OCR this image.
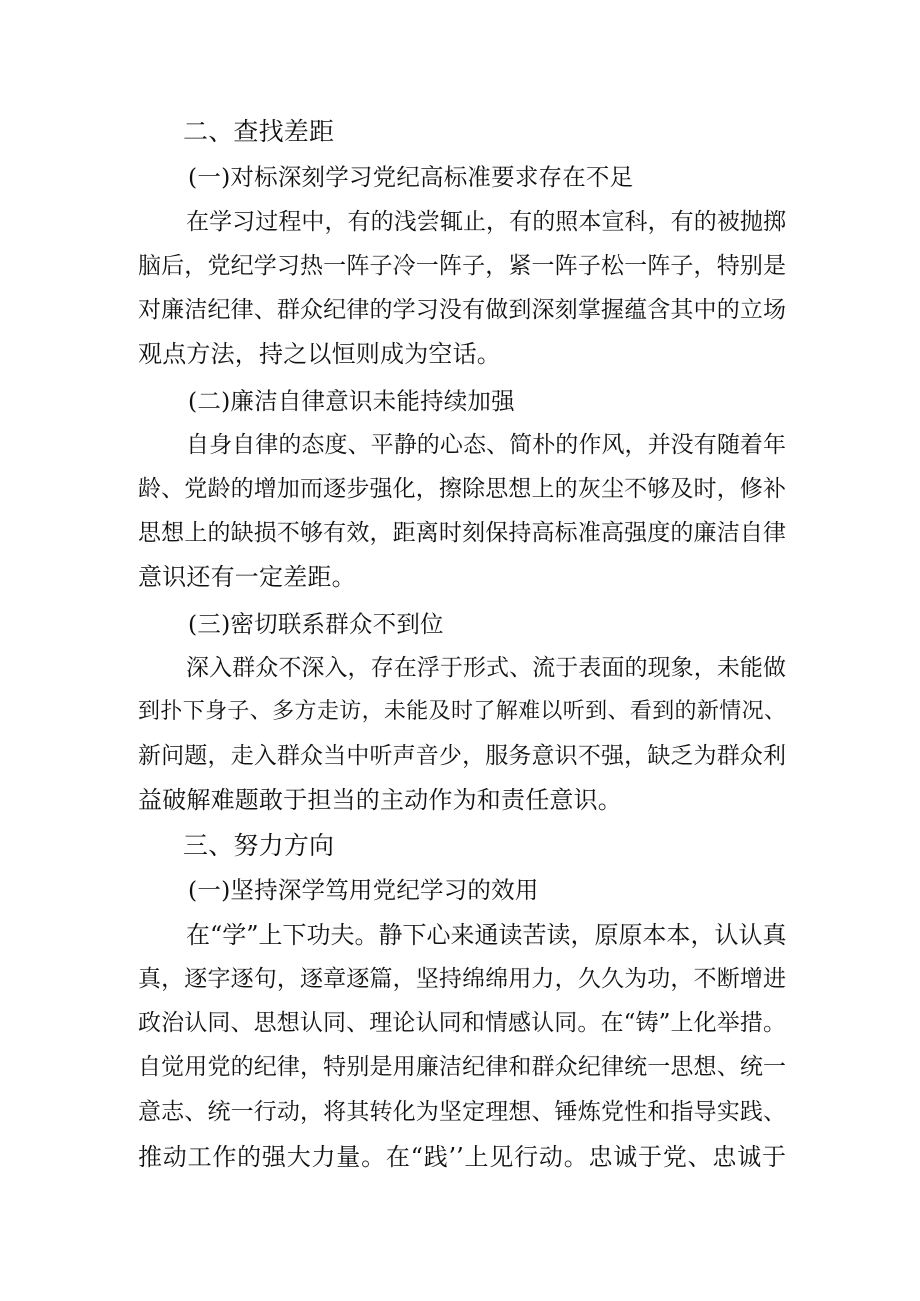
二、查找差距
(一)对标深刻学习党纪高标准要求存在不足
在学习过程中，有的浅尝辄止，有的照本宣科，有的被抛掷
脑后，党纪学习热一阵子冷一阵子，紧一阵子松一阵子，特别是
对廉洁纪律、群众纪律的学习没有做到深刻掌握蕴含其中的立场
观点方法，持之以恒则成为空话。
(二)廉洁自律意识未能持续加强
自身自律的态度、平静的心态、简朴的作风，并没有随着年
龄、党龄的增加而逐步强化，擦除思想上的灰尘不够及时，修补
思想上的缺损不够有效，距离时刻保持高标准高强度的廉洁自律
意识还有一定差距。
(三)密切联系群众不到位
深入群众不深入，存在浮于形式、流于表面的现象，未能做
到扑下身子、多方走访，未能及时了解难以听到、看到的新情况、
新问题，走入群众当中听声音少，服务意识不强，缺乏为群众利
益破解难题敢于担当的主动作为和责任意识。
三、努力方向
(一)坚持深学笃用党纪学习的效用
在“学”上下功夫。静下心来通读苦读，原原本本，认认真
真，逐字逐句，逐章逐篇，坚持绵绵用力，久久为功，不断增进
政治认同、思想认同、理论认同和情感认同。在“铸”上化举措。
自觉用党的纪律，特别是用廉洁纪律和群众纪律统一思想、统一
意志、统一行动，将其转化为坚定理想、锤炼党性和指导实践、
推动工作的强大力量。在“践’’上见行动。忠诚于党、忠诚于
